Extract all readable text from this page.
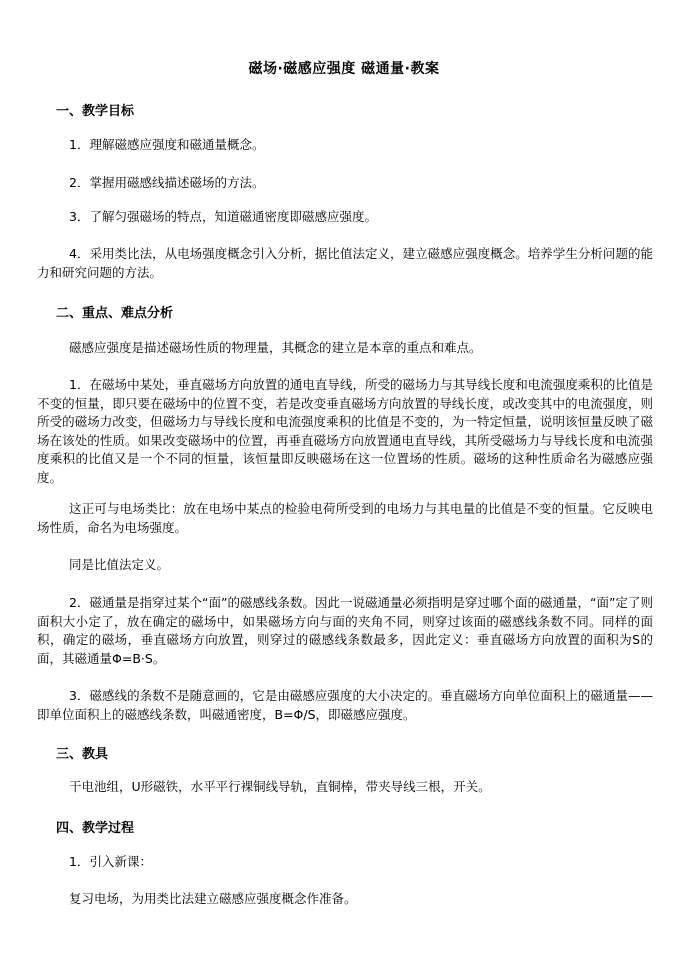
磁场·磁感应强度 磁通量·教案
一、教学目标
1．理解磁感应强度和磁通量概念。
2．掌握用磁感线描述磁场的方法。
3．了解匀强磁场的特点，知道磁通密度即磁感应强度。
4．采用类比法，从电场强度概念引入分析，据比值法定义，建立磁感应强度概念。培养学生分析问题的能力和研究问题的方法。
二、重点、难点分析
磁感应强度是描述磁场性质的物理量，其概念的建立是本章的重点和难点。
1．在磁场中某处，垂直磁场方向放置的通电直导线，所受的磁场力与其导线长度和电流强度乘积的比值是不变的恒量，即只要在磁场中的位置不变，若是改变垂直磁场方向放置的导线长度，或改变其中的电流强度，则所受的磁场力改变，但磁场力与导线长度和电流强度乘积的比值是不变的，为一特定恒量，说明该恒量反映了磁场在该处的性质。如果改变磁场中的位置，再垂直磁场方向放置通电直导线，其所受磁场力与导线长度和电流强度乘积的比值又是一个不同的恒量，该恒量即反映磁场在这一位置场的性质。磁场的这种性质命名为磁感应强度。
这正可与电场类比：放在电场中某点的检验电荷所受到的电场力与其电量的比值是不变的恒量。它反映电场性质，命名为电场强度。
同是比值法定义。
2．磁通量是指穿过某个“面”的磁感线条数。因此一说磁通量必须指明是穿过哪个面的磁通量，“面”定了则面积大小定了，放在确定的磁场中，如果磁场方向与面的夹角不同，则穿过该面的磁感线条数不同。同样的面积，确定的磁场，垂直磁场方向放置，则穿过的磁感线条数最多，因此定义：垂直磁场方向放置的面积为S的面，其磁通量Φ=B·S。
3．磁感线的条数不是随意画的，它是由磁感应强度的大小决定的。垂直磁场方向单位面积上的磁通量——即单位面积上的磁感线条数，叫磁通密度，B=Φ/S，即磁感应强度。
三、教具
干电池组，U形磁铁，水平平行裸铜线导轨，直铜棒，带夹导线三根，开关。
四、教学过程
1．引入新课：
复习电场，为用类比法建立磁感应强度概念作准备。
